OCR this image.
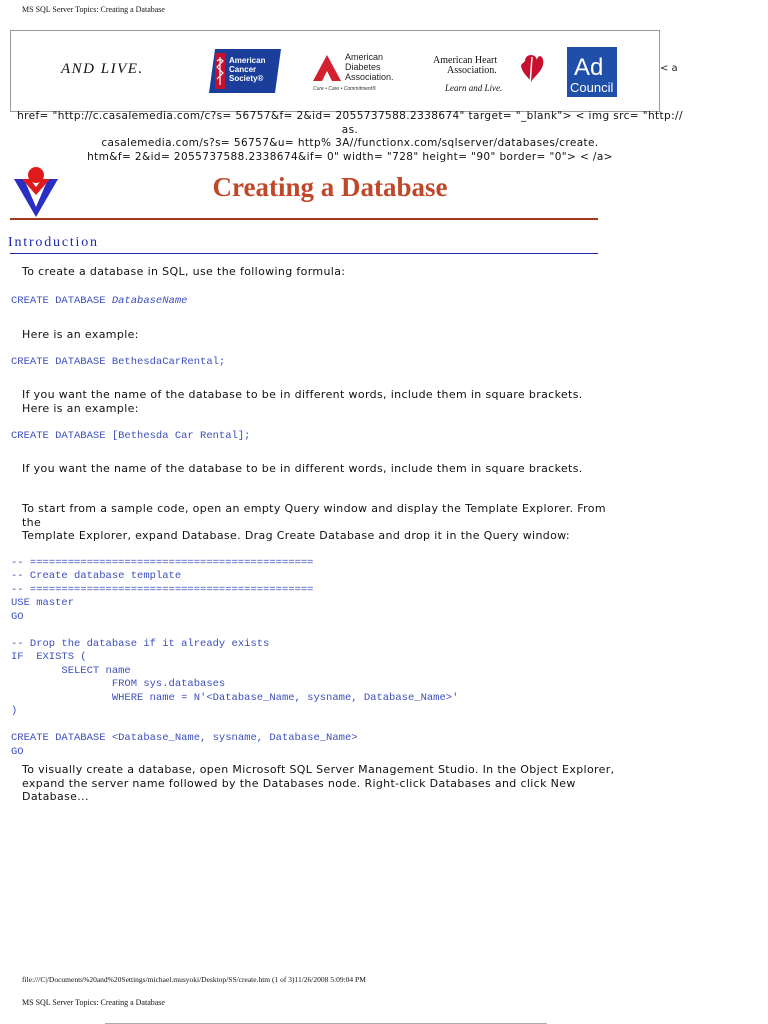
MS SQL Server Topics: Creating a Database
AND LIVE.
American
Cancer
Society®
American
Diabetes
Association.
Cure • Care • Commitment®
American Heart
Association.
Learn and Live.
Ad
Council
< a
href= "http://c.casalemedia.com/c?s= 56757&f= 2&id= 2055737588.2338674" target= "_blank"> < img src= "http:// as.
casalemedia.com/s?s= 56757&u= http% 3A//functionx.com/sqlserver/databases/create.
htm&f= 2&id= 2055737588.2338674&if= 0" width= "728" height= "90" border= "0"> < /a>
Creating a Database
Introduction
To create a database in SQL, use the following formula:
CREATE DATABASE DatabaseName
Here is an example:
CREATE DATABASE BethesdaCarRental;
If you want the name of the database to be in different words, include them in square brackets.
Here is an example:
CREATE DATABASE [Bethesda Car Rental];
If you want the name of the database to be in different words, include them in square brackets.
To start from a sample code, open an empty Query window and display the Template Explorer. From the
Template Explorer, expand Database. Drag Create Database and drop it in the Query window:

-- =============================================
-- Create database template
-- =============================================
USE master
GO
-- Drop the database if it already exists
IF  EXISTS (
SELECT name
FROM sys.databases
WHERE name = N'<Database_Name, sysname, Database_Name>'
)
CREATE DATABASE <Database_Name, sysname, Database_Name>
GO

To visually create a database, open Microsoft SQL Server Management Studio. In the Object Explorer,
expand the server name followed by the Databases node. Right-click Databases and click New Database...
file:///C|/Documents%20and%20Settings/michael.musyoki/Desktop/SS/create.htm (1 of 3)11/26/2008 5:09:04 PM
MS SQL Server Topics: Creating a Database
